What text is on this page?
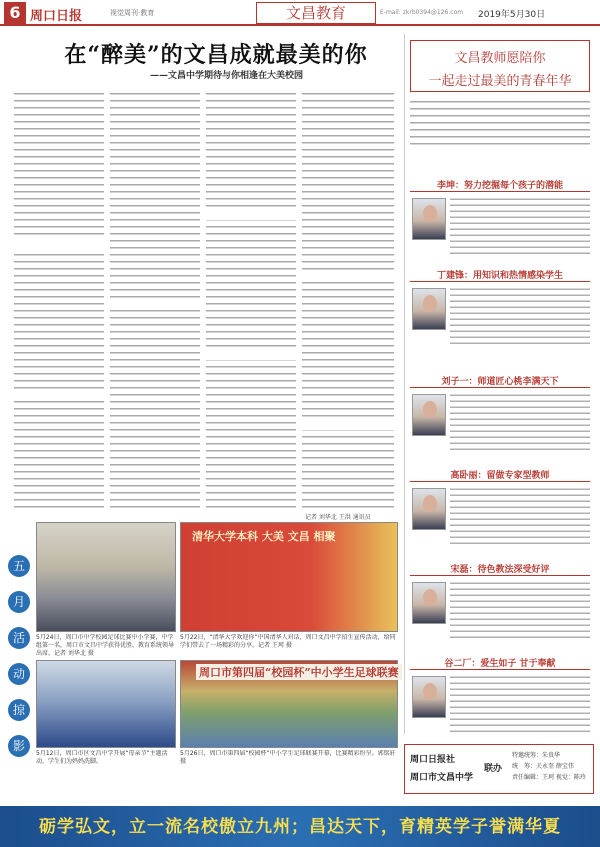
6 周口日报	视觉周刊·教育	文昌教育	E-mail: zkrb0394@126.com 2019年5月30日
在“醉美”的文昌成就最美的你
——文昌中学期待与你相逢在大美校园
记者 刘华北 王洪 通讯员
文昌教师愿陪你
一起走过最美的青春年华
李坤：努力挖掘每个孩子的潜能
丁建锋：用知识和热情感染学生
刘子一：师道匠心桃李满天下
高卧丽：留做专家型教师
宋磊：待色教法深受好评
谷二厂：爱生如子 甘于奉献
周口日报社
周口市文昌中学
联办
特邀统筹：朱贵华
统　筹：关永奎 薛宝伟
责任编辑：王珂 视觉：陈玲
五
月
活
动
掠
影
清华大学本科 大美 文昌 相聚
周口市第四届“校园杯”中小学生足球联赛
5月24日，周口市中学校园足球比赛中小学赛，中学组第一名，周口市文昌中学获得优胜，教育系统领导出席。记者 刘华北 摄
5月22日，“清华大学欢迎你”中国清华人对话，周口文昌中学招生宣传活动，给同学们带去了一场精彩的分享。记者 王珂 摄
5月12日，周口市区文昌中学开展“母亲节”主题活动，学生们为妈妈洗脚。
5月26日，周口市第四届“校园杯”中小学生足球联赛开幕，比赛精彩纷呈。郭铭轩 摄
砺学弘文，立一流名校傲立九州；昌达天下，育精英学子誉满华夏
